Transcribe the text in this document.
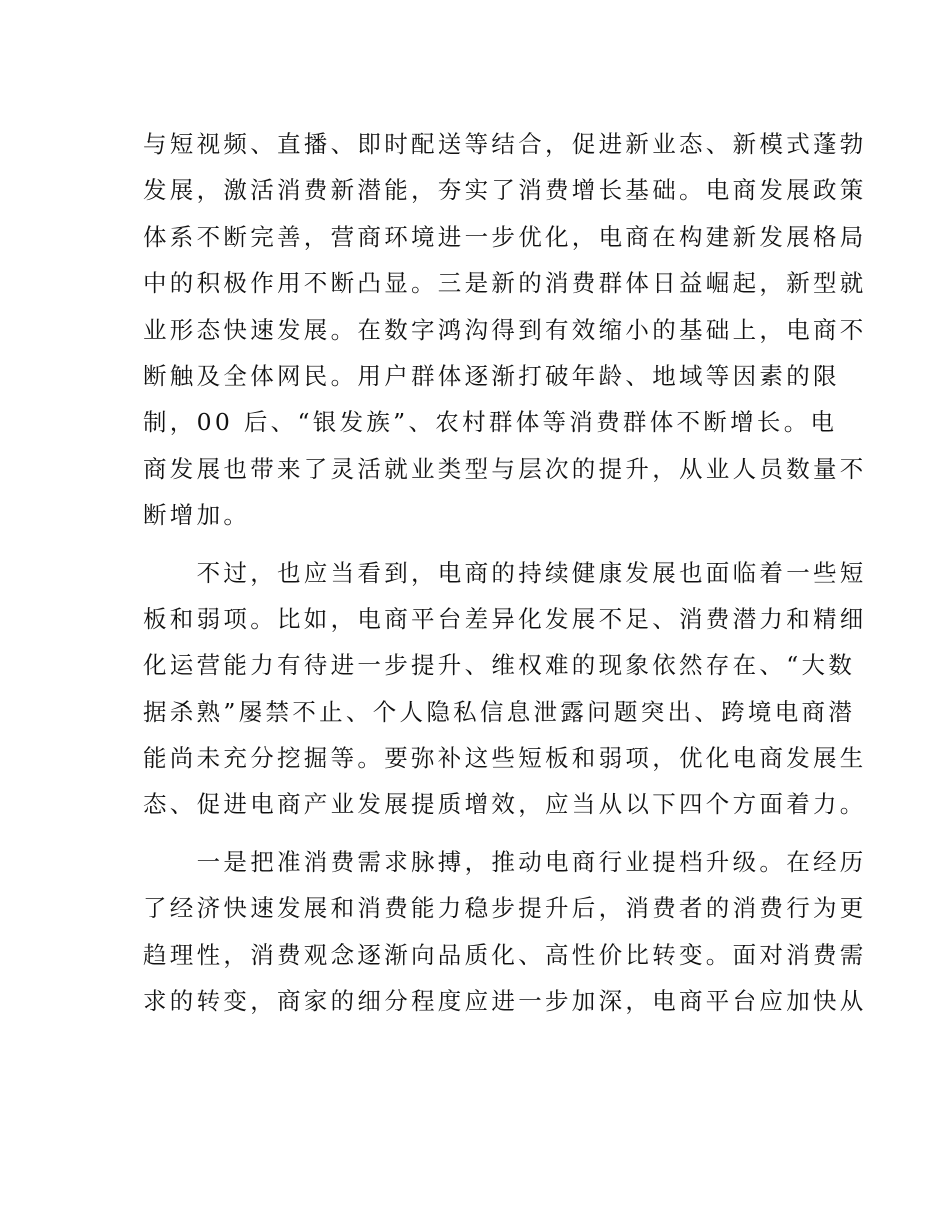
与短视频、直播、即时配送等结合，促进新业态、新模式蓬勃
发展，激活消费新潜能，夯实了消费增长基础。电商发展政策
体系不断完善，营商环境进一步优化，电商在构建新发展格局
中的积极作用不断凸显。三是新的消费群体日益崛起，新型就
业形态快速发展。在数字鸿沟得到有效缩小的基础上，电商不
断触及全体网民。用户群体逐渐打破年龄、地域等因素的限
制，00 后、“银发族”、农村群体等消费群体不断增长。电
商发展也带来了灵活就业类型与层次的提升，从业人员数量不
断增加。
　　不过，也应当看到，电商的持续健康发展也面临着一些短
板和弱项。比如，电商平台差异化发展不足、消费潜力和精细
化运营能力有待进一步提升、维权难的现象依然存在、“大数
据杀熟”屡禁不止、个人隐私信息泄露问题突出、跨境电商潜
能尚未充分挖掘等。要弥补这些短板和弱项，优化电商发展生
态、促进电商产业发展提质增效，应当从以下四个方面着力。
　　一是把准消费需求脉搏，推动电商行业提档升级。在经历
了经济快速发展和消费能力稳步提升后，消费者的消费行为更
趋理性，消费观念逐渐向品质化、高性价比转变。面对消费需
求的转变，商家的细分程度应进一步加深，电商平台应加快从
